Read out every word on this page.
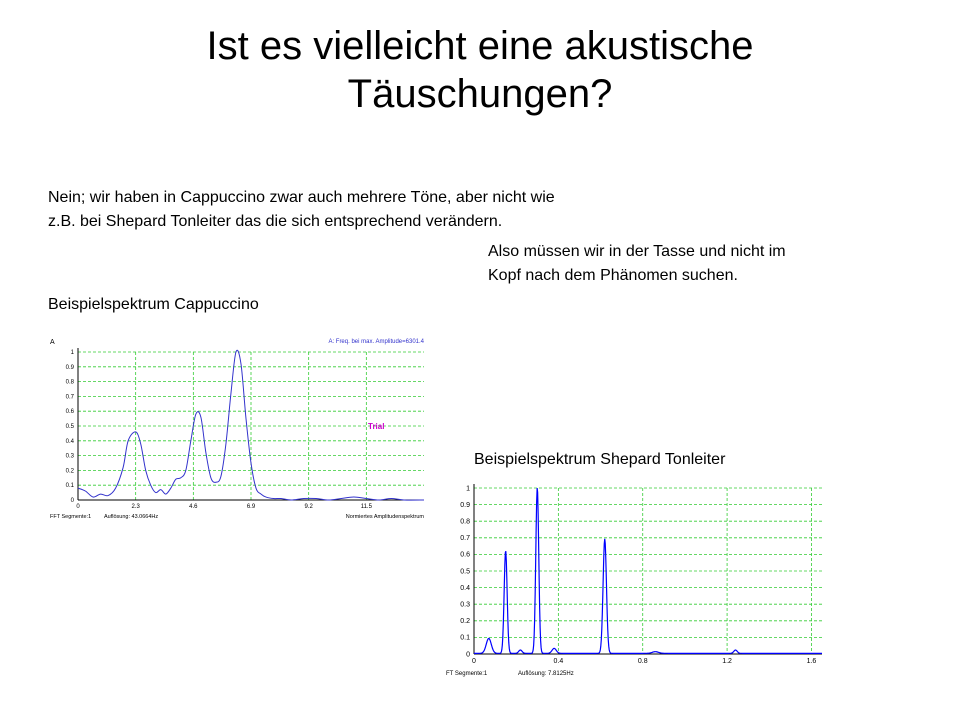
Ist es vielleicht eine akustische
Täuschungen?
Nein; wir haben in Cappuccino zwar auch mehrere Töne, aber nicht wie
z.B. bei Shepard Tonleiter das die sich entsprechend verändern.
Also müssen wir in der Tasse und nicht im
Kopf nach dem Phänomen suchen.
Beispielspektrum Cappuccino
Beispielspektrum Shepard Tonleiter
A	A: Freq. bei max. Amplitude=6301.4
0
0.1
0.2
0.3
0.4
0.5
0.6
0.7
0.8
0.9
1
0	2.3	4.6	6.9	9.2	11.5
Trial
FFT Segmente:1 Auflösung: 43.0664Hz	Normiertes Amplitudenspektrum
0
0.1
0.2
0.3
0.4
0.5
0.6
0.7
0.8
0.9
1
0	0.4	0.8	1.2	1.6
FT Segmente:1	Auflösung: 7.8125Hz
